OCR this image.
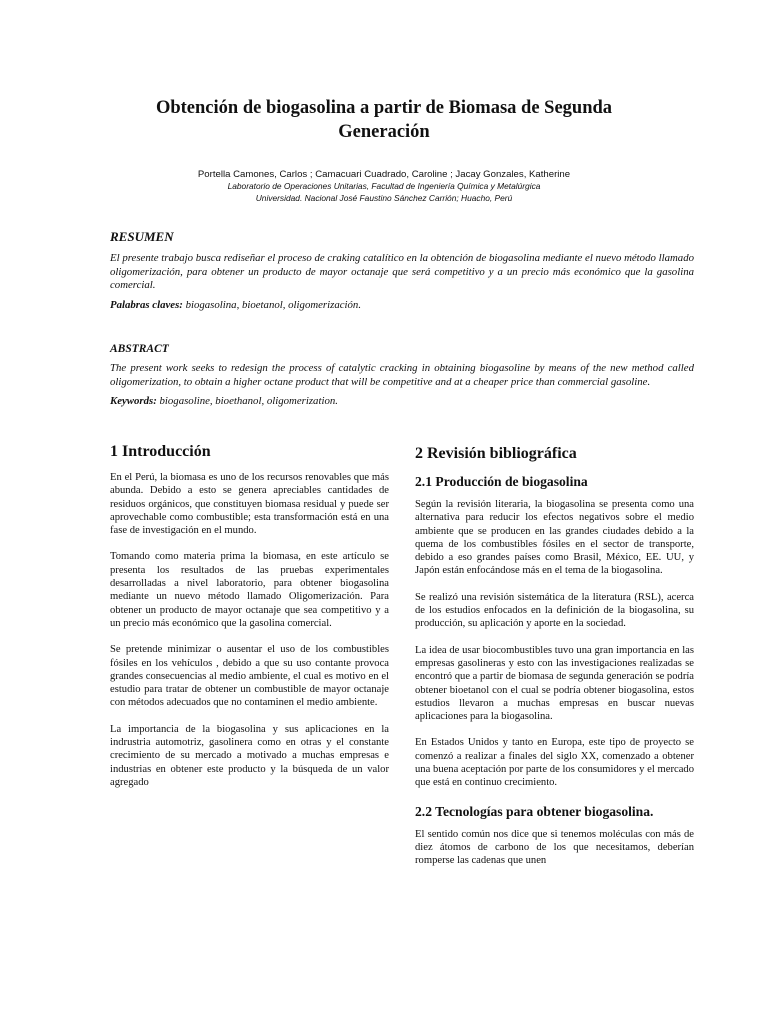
Obtención de biogasolina a partir de Biomasa de Segunda
Generación
Portella Camones, Carlos ; Camacuari Cuadrado, Caroline ; Jacay Gonzales, Katherine
Laboratorio de Operaciones Unitarias, Facultad de Ingeniería Química y Metalúrgica
Universidad. Nacional José Faustino Sánchez Carrión; Huacho, Perú

RESUMEN

El presente trabajo busca rediseñar el proceso de craking catalítico en la obtención de biogasolina mediante el nuevo método llamado oligomerización, para obtener un producto de mayor octanaje que será competitivo y a un precio más económico que la gasolina comercial.

Palabras claves: biogasolina, bioetanol, oligomerización.

ABSTRACT

The present work seeks to redesign the process of catalytic cracking in obtaining biogasoline by means of the new method called oligomerization, to obtain a higher octane product that will be competitive and at a cheaper price than commercial gasoline.

Keywords: biogasoline, bioethanol, oligomerization.

1 Introducción

En el Perú, la biomasa es uno de los recursos renovables que más abunda. Debido a esto se genera apreciables cantidades de residuos orgánicos, que constituyen biomasa residual y puede ser aprovechable como combustible; esta transformación está en una fase de investigación en el mundo.

Tomando como materia prima la biomasa, en este artículo se presenta los resultados de las pruebas experimentales desarrolladas a nivel laboratorio, para obtener biogasolina mediante un nuevo método llamado Oligomerización. Para obtener un producto de mayor octanaje que sea competitivo y a un precio más económico que la gasolina comercial.

Se pretende minimizar o ausentar el uso de los combustibles fósiles en los vehículos , debido a que su uso contante provoca grandes consecuencias al medio ambiente, el cual es motivo en el estudio para tratar de obtener un combustible de mayor octanaje con métodos adecuados que no contaminen el medio ambiente.

La importancia de la biogasolina y sus aplicaciones en la indrustria automotriz, gasolinera como en otras y el constante crecimiento de su mercado a motivado a muchas empresas e industrias en obtener este producto y la búsqueda de un valor agregado

2 Revisión bibliográfica
2.1 Producción de biogasolina

Según la revisión literaria, la biogasolina se presenta como una alternativa para reducir los efectos negativos sobre el medio ambiente que se producen en las grandes ciudades debido a la quema de los combustibles fósiles en el sector de transporte, debido a eso grandes países como Brasil, México, EE. UU, y Japón están enfocándose más en el tema de la biogasolina.

Se realizó una revisión sistemática de la literatura (RSL), acerca de los estudios enfocados en la definición de la biogasolina, su producción, su aplicación y aporte en la sociedad.

La idea de usar biocombustibles tuvo una gran importancia en las empresas gasolineras y esto con las investigaciones realizadas se encontró que a partir de biomasa de segunda generación se podría obtener bioetanol con el cual se podría obtener biogasolina, estos estudios llevaron a muchas empresas en buscar nuevas aplicaciones para la biogasolina.

En Estados Unidos y tanto en Europa, este tipo de proyecto se comenzó a realizar a finales del siglo XX, comenzado a obtener una buena aceptación por parte de los consumidores y el mercado que está en continuo crecimiento.

2.2 Tecnologías para obtener biogasolina.

El sentido común nos dice que si tenemos moléculas con más de diez átomos de carbono de los que necesitamos, deberían romperse las cadenas que unen
